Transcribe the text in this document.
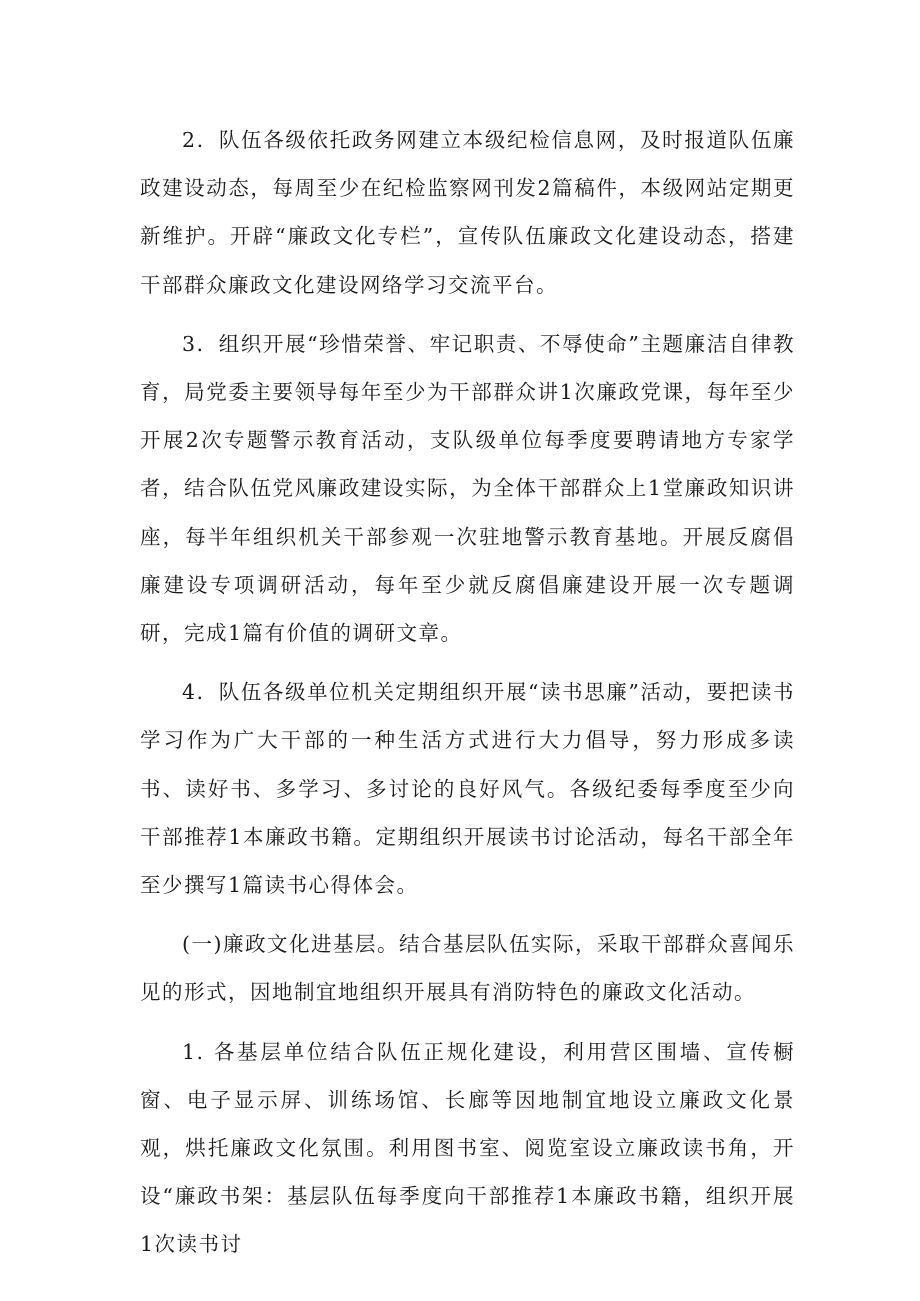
2．队伍各级依托政务网建立本级纪检信息网，及时报道队伍廉政建设动态，每周至少在纪检监察网刊发2篇稿件，本级网站定期更新维护。开辟“廉政文化专栏”，宣传队伍廉政文化建设动态，搭建干部群众廉政文化建设网络学习交流平台。

3．组织开展“珍惜荣誉、牢记职责、不辱使命”主题廉洁自律教育，局党委主要领导每年至少为干部群众讲1次廉政党课，每年至少开展2次专题警示教育活动，支队级单位每季度要聘请地方专家学者，结合队伍党风廉政建设实际，为全体干部群众上1堂廉政知识讲座，每半年组织机关干部参观一次驻地警示教育基地。开展反腐倡廉建设专项调研活动，每年至少就反腐倡廉建设开展一次专题调研，完成1篇有价值的调研文章。

4．队伍各级单位机关定期组织开展“读书思廉”活动，要把读书学习作为广大干部的一种生活方式进行大力倡导，努力形成多读书、读好书、多学习、多讨论的良好风气。各级纪委每季度至少向干部推荐1本廉政书籍。定期组织开展读书讨论活动，每名干部全年至少撰写1篇读书心得体会。

(一)廉政文化进基层。结合基层队伍实际，采取干部群众喜闻乐见的形式，因地制宜地组织开展具有消防特色的廉政文化活动。

1. 各基层单位结合队伍正规化建设，利用营区围墙、宣传橱窗、电子显示屏、训练场馆、长廊等因地制宜地设立廉政文化景观，烘托廉政文化氛围。利用图书室、阅览室设立廉政读书角，开设“廉政书架：基层队伍每季度向干部推荐1本廉政书籍，组织开展1次读书讨
